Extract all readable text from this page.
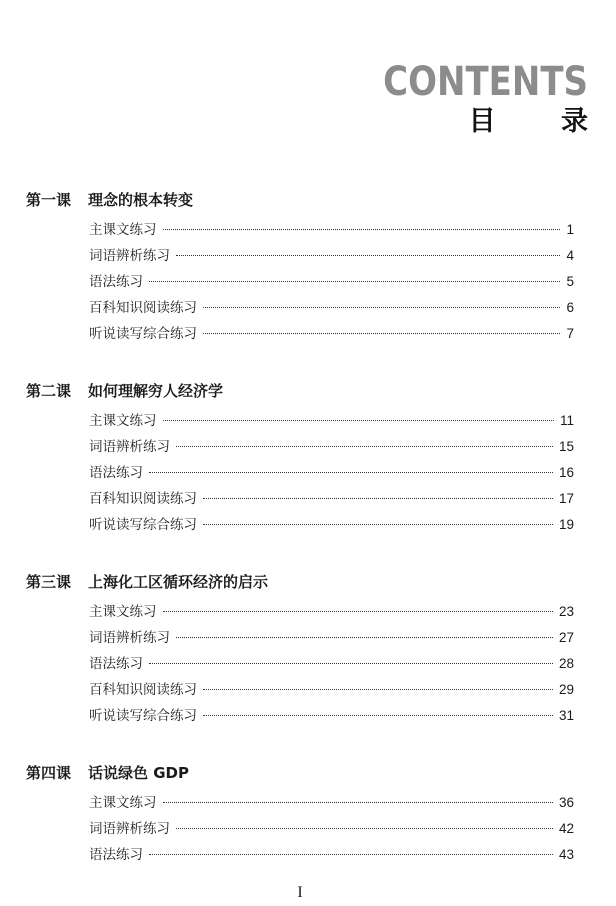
CONTENTS
目 录
第一课	理念的根本转变
主课文练习	1
词语辨析练习	4
语法练习	5
百科知识阅读练习	6
听说读写综合练习	7
第二课	如何理解穷人经济学
主课文练习	11
词语辨析练习	15
语法练习	16
百科知识阅读练习	17
听说读写综合练习	19
第三课	上海化工区循环经济的启示
主课文练习	23
词语辨析练习	27
语法练习	28
百科知识阅读练习	29
听说读写综合练习	31
第四课	话说绿色 GDP
主课文练习	36
词语辨析练习	42
语法练习	43
I
